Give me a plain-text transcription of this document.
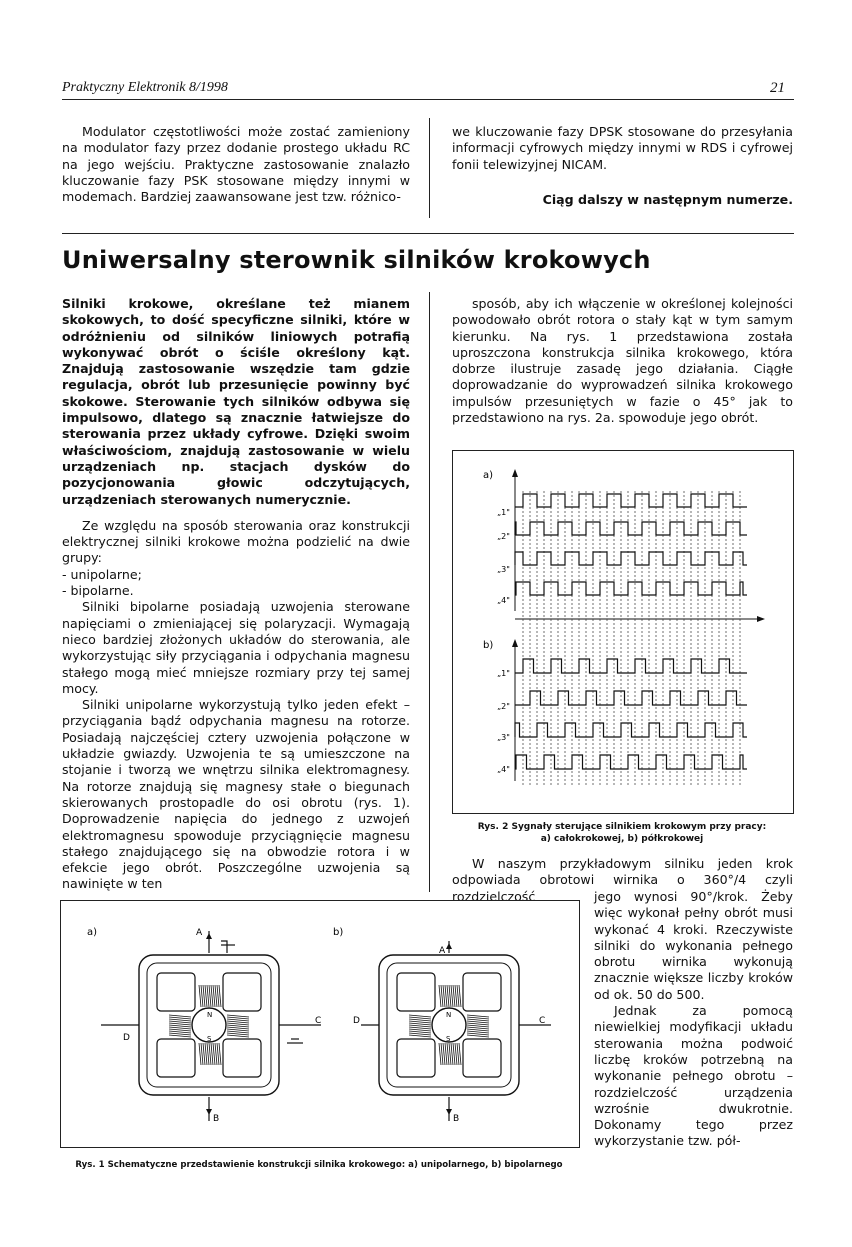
Praktyczny Elektronik 8/1998	21
Modulator częstotliwości może zostać zamieniony na modulator fazy przez dodanie prostego układu RC na jego wejściu. Praktyczne zastosowanie znalazło kluczowanie fazy PSK stosowane między innymi w modemach. Bardziej zaawansowane jest tzw. różnico-
we kluczowanie fazy DPSK stosowane do przesyłania informacji cyfrowych między innymi w RDS i cyfrowej fonii telewizyjnej NICAM.
Ciąg dalszy w następnym numerze.
Uniwersalny sterownik silników krokowych

Silniki krokowe, określane też mianem skokowych, to dość specyficzne silniki, które w odróżnieniu od silników liniowych potrafią wykonywać obrót o ściśle określony kąt. Znajdują zastosowanie wszędzie tam gdzie regulacja, obrót lub przesunięcie powinny być skokowe. Sterowanie tych silników odbywa się impulsowo, dlatego są znacznie łatwiejsze do sterowania przez układy cyfrowe. Dzięki swoim właściwościom, znajdują zastosowanie w wielu urządzeniach np. stacjach dysków do pozycjonowania głowic odczytujących, urządzeniach sterowanych numerycznie.

Ze względu na sposób sterowania oraz konstrukcji elektrycznej silniki krokowe można podzielić na dwie grupy:

- unipolarne;

- bipolarne.

Silniki bipolarne posiadają uzwojenia sterowane napięciami o zmieniającej się polaryzacji. Wymagają nieco bardziej złożonych układów do sterowania, ale wykorzystując siły przyciągania i odpychania magnesu stałego mogą mieć mniejsze rozmiary przy tej samej mocy.

Silniki unipolarne wykorzystują tylko jeden efekt – przyciągania bądź odpychania magnesu na rotorze. Posiadają najczęściej cztery uzwojenia połączone w układzie gwiazdy. Uzwojenia te są umieszczone na stojanie i tworzą we wnętrzu silnika elektromagnesy. Na rotorze znajdują się magnesy stałe o biegunach skierowanych prostopadle do osi obrotu (rys. 1). Doprowadzenie napięcia do jednego z uzwojeń elektromagnesu spowoduje przyciągnięcie magnesu stałego znajdującego się na obwodzie rotora i w efekcie jego obrót. Poszczególne uzwojenia są nawinięte w ten

sposób, aby ich włączenie w określonej kolejności powodowało obrót rotora o stały kąt w tym samym kierunku. Na rys. 1 przedstawiona została uproszczona konstrukcja silnika krokowego, która dobrze ilustruje zasadę jego działania. Ciągłe doprowadzanie do wyprowadzeń silnika krokowego impulsów przesuniętych w fazie o 45° jak to przedstawiono na rys. 2a. spowoduje jego obrót.
a)
b)
„1"
„2"
„3"
„4"
„1"
„2"
„3"
„4"
Rys. 2 Sygnały sterujące silnikiem krokowym przy pracy:
a) całokrokowej, b) półkrokowej
W naszym przykładowym silniku jeden krok odpowiada obrotowi wirnika o 360°/4 czyli rozdzielczość	jego wynosi 90°/krok. Żeby więc wykonał pełny obrót musi wykonać 4 kroki. Rzeczywiste silniki do wykonania pełnego obrotu wirnika wykonują znacznie większe liczby kroków od ok. 50 do 500.

Jednak za pomocą niewielkiej modyfikacji układu sterowania można podwoić liczbę kroków potrzebną na wykonanie pełnego obrotu – rozdzielczość urządzenia wzrośnie dwukrotnie. Dokonamy tego przez wykorzystanie tzw. pół-

a)	b)
A
B
C
D
N
S
A
B
C
D
N
S
Rys. 1 Schematyczne przedstawienie konstrukcji silnika krokowego: a) unipolarnego, b) bipolarnego
